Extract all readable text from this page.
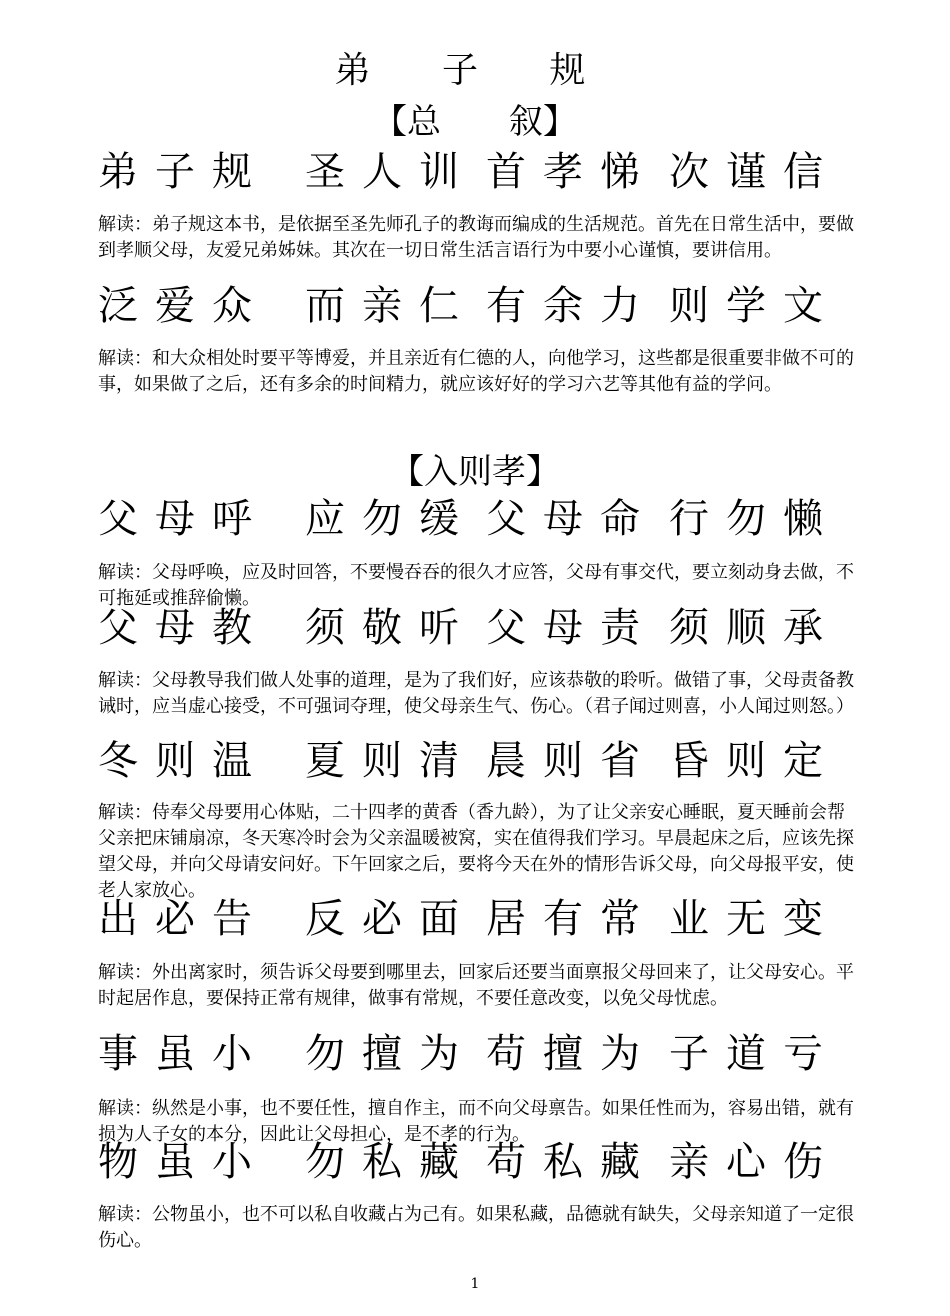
弟 子 规
【总　　叙】
弟 子 规	圣 人 训 首 孝 悌 次 谨 信
解读：弟子规这本书，是依据至圣先师孔子的教诲而编成的生活规范。首先在日常生活中，要做到孝顺父母，友爱兄弟姊妹。其次在一切日常生活言语行为中要小心谨慎，要讲信用。
泛 爱 众	而 亲 仁 有 余 力 则 学 文
解读：和大众相处时要平等博爱，并且亲近有仁德的人，向他学习，这些都是很重要非做不可的事，如果做了之后，还有多余的时间精力，就应该好好的学习六艺等其他有益的学问。
【入则孝】
父 母 呼	应 勿 缓 父 母 命 行 勿 懒
解读：父母呼唤，应及时回答，不要慢吞吞的很久才应答，父母有事交代，要立刻动身去做，不可拖延或推辞偷懒。
父 母 教	须 敬 听 父 母 责 须 顺 承
解读：父母教导我们做人处事的道理，是为了我们好，应该恭敬的聆听。做错了事，父母责备教诫时，应当虚心接受，不可强词夺理，使父母亲生气、伤心。（君子闻过则喜，小人闻过则怒。）
冬 则 温	夏 则 清 晨 则 省 昏 则 定
解读：侍奉父母要用心体贴，二十四孝的黄香（香九龄），为了让父亲安心睡眠，夏天睡前会帮父亲把床铺扇凉，冬天寒冷时会为父亲温暖被窝，实在值得我们学习。早晨起床之后，应该先探望父母，并向父母请安问好。下午回家之后，要将今天在外的情形告诉父母，向父母报平安，使老人家放心。
出 必 告	反 必 面 居 有 常 业 无 变
解读：外出离家时，须告诉父母要到哪里去，回家后还要当面禀报父母回来了，让父母安心。平时起居作息，要保持正常有规律，做事有常规，不要任意改变，以免父母忧虑。
事 虽 小	勿 擅 为 苟 擅 为 子 道 亏
解读：纵然是小事，也不要任性，擅自作主，而不向父母禀告。如果任性而为，容易出错，就有损为人子女的本分，因此让父母担心，是不孝的行为。
物 虽 小	勿 私 藏 苟 私 藏 亲 心 伤
解读：公物虽小，也不可以私自收藏占为己有。如果私藏，品德就有缺失，父母亲知道了一定很伤心。
1
